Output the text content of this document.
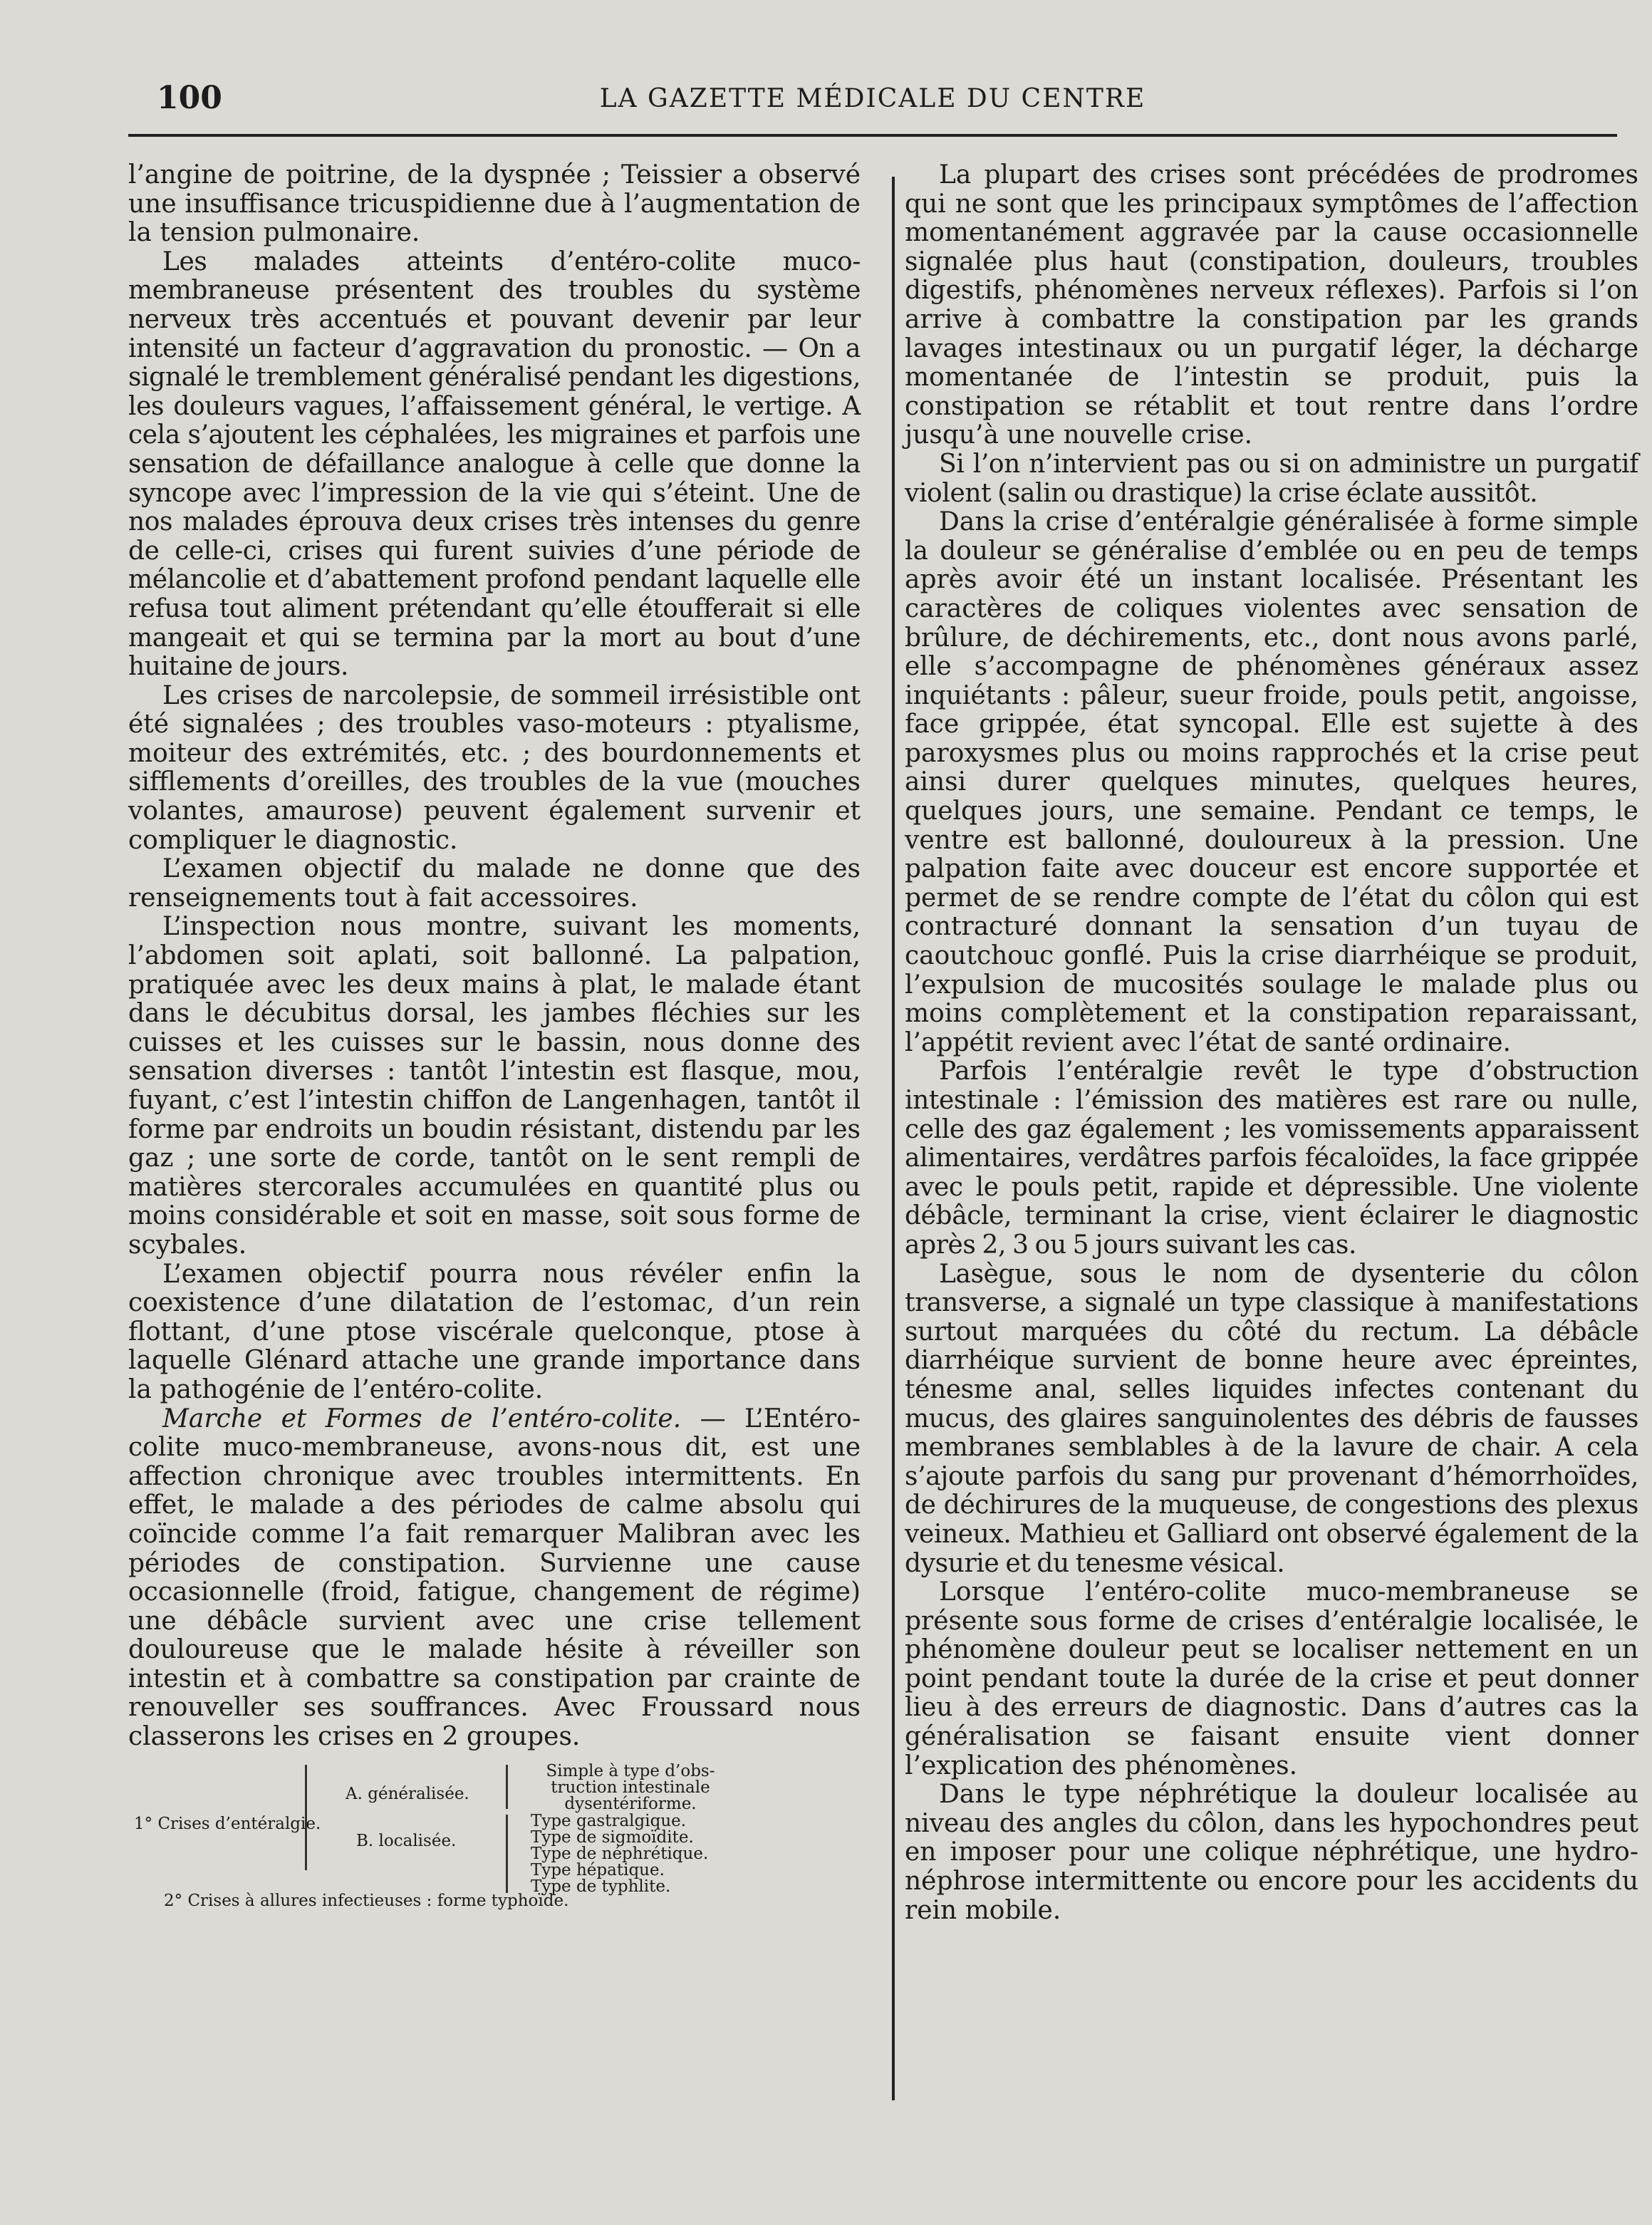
100	LA GAZETTE MÉDICALE DU CENTRE

l’angine de poitrine, de la dyspnée ; Teissier a observé une insuffisance tricuspidienne due à l’augmentation de la tension pulmonaire.

Les malades atteints d’entéro-colite muco-membraneuse présentent des troubles du système nerveux très accentués et pouvant devenir par leur intensité un facteur d’aggravation du pronostic. — On a signalé le tremblement généralisé pendant les digestions, les douleurs vagues, l’affaissement général, le vertige. A cela s’ajoutent les céphalées, les migraines et parfois une sensation de défaillance analogue à celle que donne la syncope avec l’impression de la vie qui s’éteint. Une de nos malades éprouva deux crises très intenses du genre de celle-ci, crises qui furent suivies d’une période de mélancolie et d’abattement profond pendant laquelle elle refusa tout aliment prétendant qu’elle étoufferait si elle mangeait et qui se termina par la mort au bout d’une huitaine de jours.

Les crises de narcolepsie, de sommeil irrésistible ont été signalées ; des troubles vaso-moteurs : ptyalisme, moiteur des extrémités, etc. ; des bourdonnements et sifflements d’oreilles, des troubles de la vue (mouches volantes, amaurose) peuvent également survenir et compliquer le diagnostic.

L’examen objectif du malade ne donne que des renseignements tout à fait accessoires.

L’inspection nous montre, suivant les moments, l’abdomen soit aplati, soit ballonné. La palpation, pratiquée avec les deux mains à plat, le malade étant dans le décubitus dorsal, les jambes fléchies sur les cuisses et les cuisses sur le bassin, nous donne des sensation diverses : tantôt l’intestin est flasque, mou, fuyant, c’est l’intestin chiffon de Langenhagen, tantôt il forme par endroits un boudin résistant, distendu par les gaz ; une sorte de corde, tantôt on le sent rempli de matières stercorales accumulées en quantité plus ou moins considérable et soit en masse, soit sous forme de scybales.

L’examen objectif pourra nous révéler enfin la coexistence d’une dilatation de l’estomac, d’un rein flottant, d’une ptose viscérale quelconque, ptose à laquelle Glénard attache une grande importance dans la pathogénie de l’entéro-colite.

Marche et Formes de l’entéro-colite. — L’Entéro-colite muco-membraneuse, avons-nous dit, est une affection chronique avec troubles intermittents. En effet, le malade a des périodes de calme absolu qui coïncide comme l’a fait remarquer Malibran avec les périodes de constipation. Survienne une cause occasionnelle (froid, fatigue, changement de régime) une débâcle survient avec une crise tellement douloureuse que le malade hésite à réveiller son intestin et à combattre sa constipation par crainte de renouveller ses souffrances. Avec Froussard nous classerons les crises en 2 groupes.

1° Crises d’entéralgie.
A. généralisée.
Simple à type d’obs-
truction intestinale
dysentériforme.
B. localisée.
Type gastralgique.
Type de sigmoïdite.
Type de néphrétique.
Type hépatique.
Type de typhlite.
2° Crises à allures infectieuses : forme typhoïde.

La plupart des crises sont précédées de prodromes qui ne sont que les principaux symptômes de l’affection momentanément aggravée par la cause occasionnelle signalée plus haut (constipation, douleurs, troubles digestifs, phénomènes nerveux réflexes). Parfois si l’on arrive à combattre la constipation par les grands lavages intestinaux ou un purgatif léger, la décharge momentanée de l’intestin se produit, puis la constipation se rétablit et tout rentre dans l’ordre jusqu’à une nouvelle crise.

Si l’on n’intervient pas ou si on administre un purgatif violent (salin ou drastique) la crise éclate aussitôt.

Dans la crise d’entéralgie généralisée à forme simple la douleur se généralise d’emblée ou en peu de temps après avoir été un instant localisée. Présentant les caractères de coliques violentes avec sensation de brûlure, de déchirements, etc., dont nous avons parlé, elle s’accompagne de phénomènes généraux assez inquiétants : pâleur, sueur froide, pouls petit, angoisse, face grippée, état syncopal. Elle est sujette à des paroxysmes plus ou moins rapprochés et la crise peut ainsi durer quelques minutes, quelques heures, quelques jours, une semaine. Pendant ce temps, le ventre est ballonné, douloureux à la pression. Une palpation faite avec douceur est encore supportée et permet de se rendre compte de l’état du côlon qui est contracturé donnant la sensation d’un tuyau de caoutchouc gonflé. Puis la crise diarrhéique se produit, l’expulsion de mucosités soulage le malade plus ou moins complètement et la constipation reparaissant, l’appétit revient avec l’état de santé ordinaire.

Parfois l’entéralgie revêt le type d’obstruction intestinale : l’émission des matières est rare ou nulle, celle des gaz également ; les vomissements apparaissent alimentaires, verdâtres parfois fécaloïdes, la face grippée avec le pouls petit, rapide et dépressible. Une violente débâcle, terminant la crise, vient éclairer le diagnostic après 2, 3 ou 5 jours suivant les cas.

Lasègue, sous le nom de dysenterie du côlon transverse, a signalé un type classique à manifestations surtout marquées du côté du rectum. La débâcle diarrhéique survient de bonne heure avec épreintes, ténesme anal, selles liquides infectes contenant du mucus, des glaires sanguinolentes des débris de fausses membranes semblables à de la lavure de chair. A cela s’ajoute parfois du sang pur provenant d’hémorrhoïdes, de déchirures de la muqueuse, de congestions des plexus veineux. Mathieu et Galliard ont observé également de la dysurie et du tenesme vésical.

Lorsque l’entéro-colite muco-membraneuse se présente sous forme de crises d’entéralgie localisée, le phénomène douleur peut se localiser nettement en un point pendant toute la durée de la crise et peut donner lieu à des erreurs de diagnostic. Dans d’autres cas la généralisation se faisant ensuite vient donner l’explication des phénomènes.

Dans le type néphrétique la douleur localisée au niveau des angles du côlon, dans les hypochondres peut en imposer pour une colique néphrétique, une hydro-néphrose intermittente ou encore pour les accidents du rein mobile.
